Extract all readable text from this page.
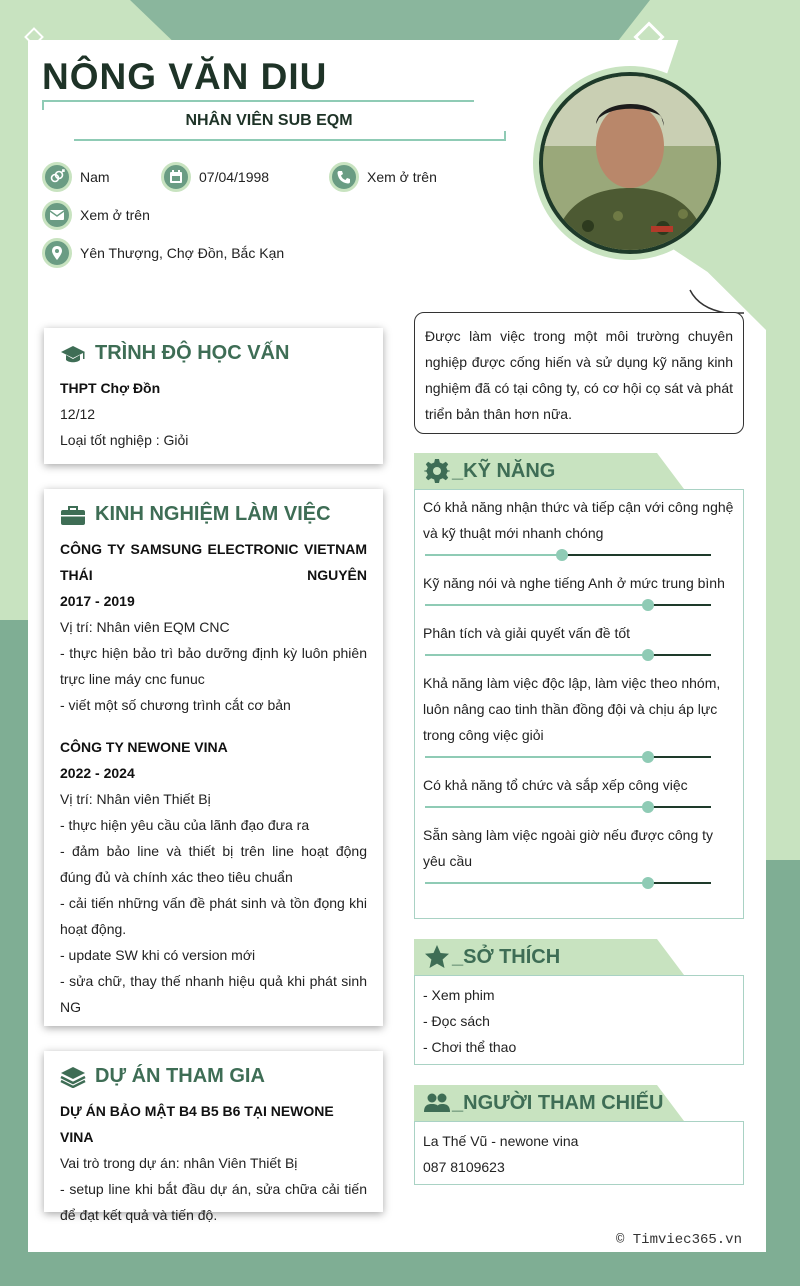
NÔNG VĂN DIU
NHÂN VIÊN SUB EQM
Nam	07/04/1998	Xem ở trên
Xem ở trên
Yên Thượng, Chợ Đồn, Bắc Kạn
TRÌNH ĐỘ HỌC VẤN
THPT Chợ Đồn
12/12
Loại tốt nghiệp : Giỏi
KINH NGHIỆM LÀM VIỆC
CÔNG TY SAMSUNG ELECTRONIC VIETNAM THÁI NGUYÊN
2017 - 2019
Vị trí: Nhân viên EQM CNC
- thực hiện bảo trì bảo dưỡng định kỳ luôn phiên trực line máy cnc funuc
- viết một số chương trình cắt cơ bản
CÔNG TY NEWONE VINA
2022 - 2024
Vị trí: Nhân viên Thiết Bị
- thực hiện yêu cầu của lãnh đạo đưa ra
- đảm bảo line và thiết bị trên line hoạt động đúng đủ và chính xác theo tiêu chuẩn
- cải tiến những vấn đề phát sinh và tồn đọng khi hoạt động.
- update SW khi có version mới
- sửa chữ, thay thế nhanh hiệu quả khi phát sinh NG
DỰ ÁN THAM GIA
DỰ ÁN BẢO MẬT B4 B5 B6 TẠI NEWONE VINA
Vai trò trong dự án: nhân Viên Thiết Bị
- setup line khi bắt đầu dự án, sửa chữa cải tiến để đạt kết quả và tiến độ.
Được làm việc trong một môi trường chuyên nghiệp được cống hiến và sử dụng kỹ năng kinh nghiệm đã có tại công ty, có cơ hội cọ sát và phát triển bản thân hơn nữa.
_KỸ NĂNG
Có khả năng nhận thức và tiếp cận với công nghệ và kỹ thuật mới nhanh chóng
Kỹ năng nói và nghe tiếng Anh ở mức trung bình
Phân tích và giải quyết vấn đề tốt
Khả năng làm việc độc lập, làm việc theo nhóm, luôn nâng cao tinh thần đồng đội và chịu áp lực trong công việc giỏi
Có khả năng tổ chức và sắp xếp công việc
Sẵn sàng làm việc ngoài giờ nếu được công ty yêu cầu
_SỞ THÍCH
- Xem phim
- Đọc sách
- Chơi thể thao
_NGƯỜI THAM CHIẾU
La Thế Vũ - newone vina
087 8109623
© Timviec365.vn
